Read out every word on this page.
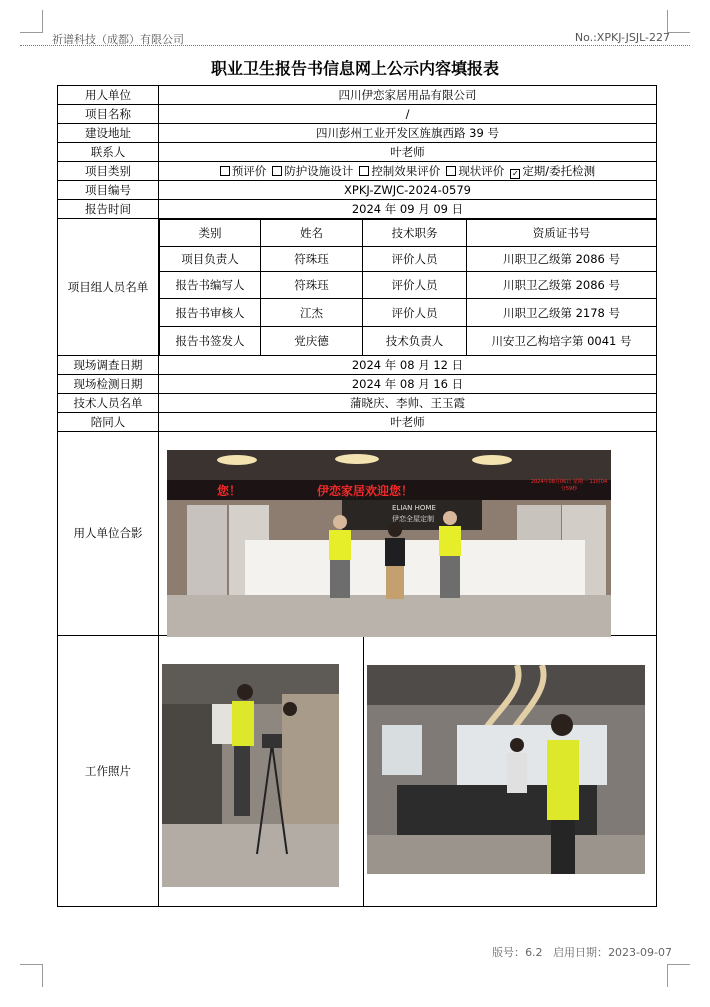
祈谱科技（成都）有限公司	No.:XPKJ-JSJL-227
职业卫生报告书信息网上公示内容填报表
用人单位	四川伊恋家居用品有限公司
项目名称	/
建设地址	四川彭州工业开发区旌旗西路 39 号
联系人	叶老师
项目类别	预评价 防护设施设计 控制效果评价 现状评价 ✓ 定期/委托检测
项目编号	XPKJ-ZWJC-2024-0579
报告时间	2024 年 09 月 09 日
项目组人员名单	
类别	姓名	技术职务	资质证书号
项目负责人	符珠珏	评价人员	川职卫乙级第 2086 号
报告书编写人	符珠珏	评价人员	川职卫乙级第 2086 号
报告书审核人	江杰	评价人员	川职卫乙级第 2178 号
报告书签发人	党庆德	技术负责人	川安卫乙构培字第 0041 号

现场调查日期	2024 年 08 月 12 日
现场检测日期	2024 年 08 月 16 日
技术人员名单	蒲晓庆、李帅、王玉霞
陪同人	叶老师
用人单位合影	
工作照片	
您！	伊恋家居欢迎您！
2024年08月06日 星期一 11时04分59秒
ELIAN HOME
伊恋全屋定制
版号：6.2 启用日期：2023-09-07
